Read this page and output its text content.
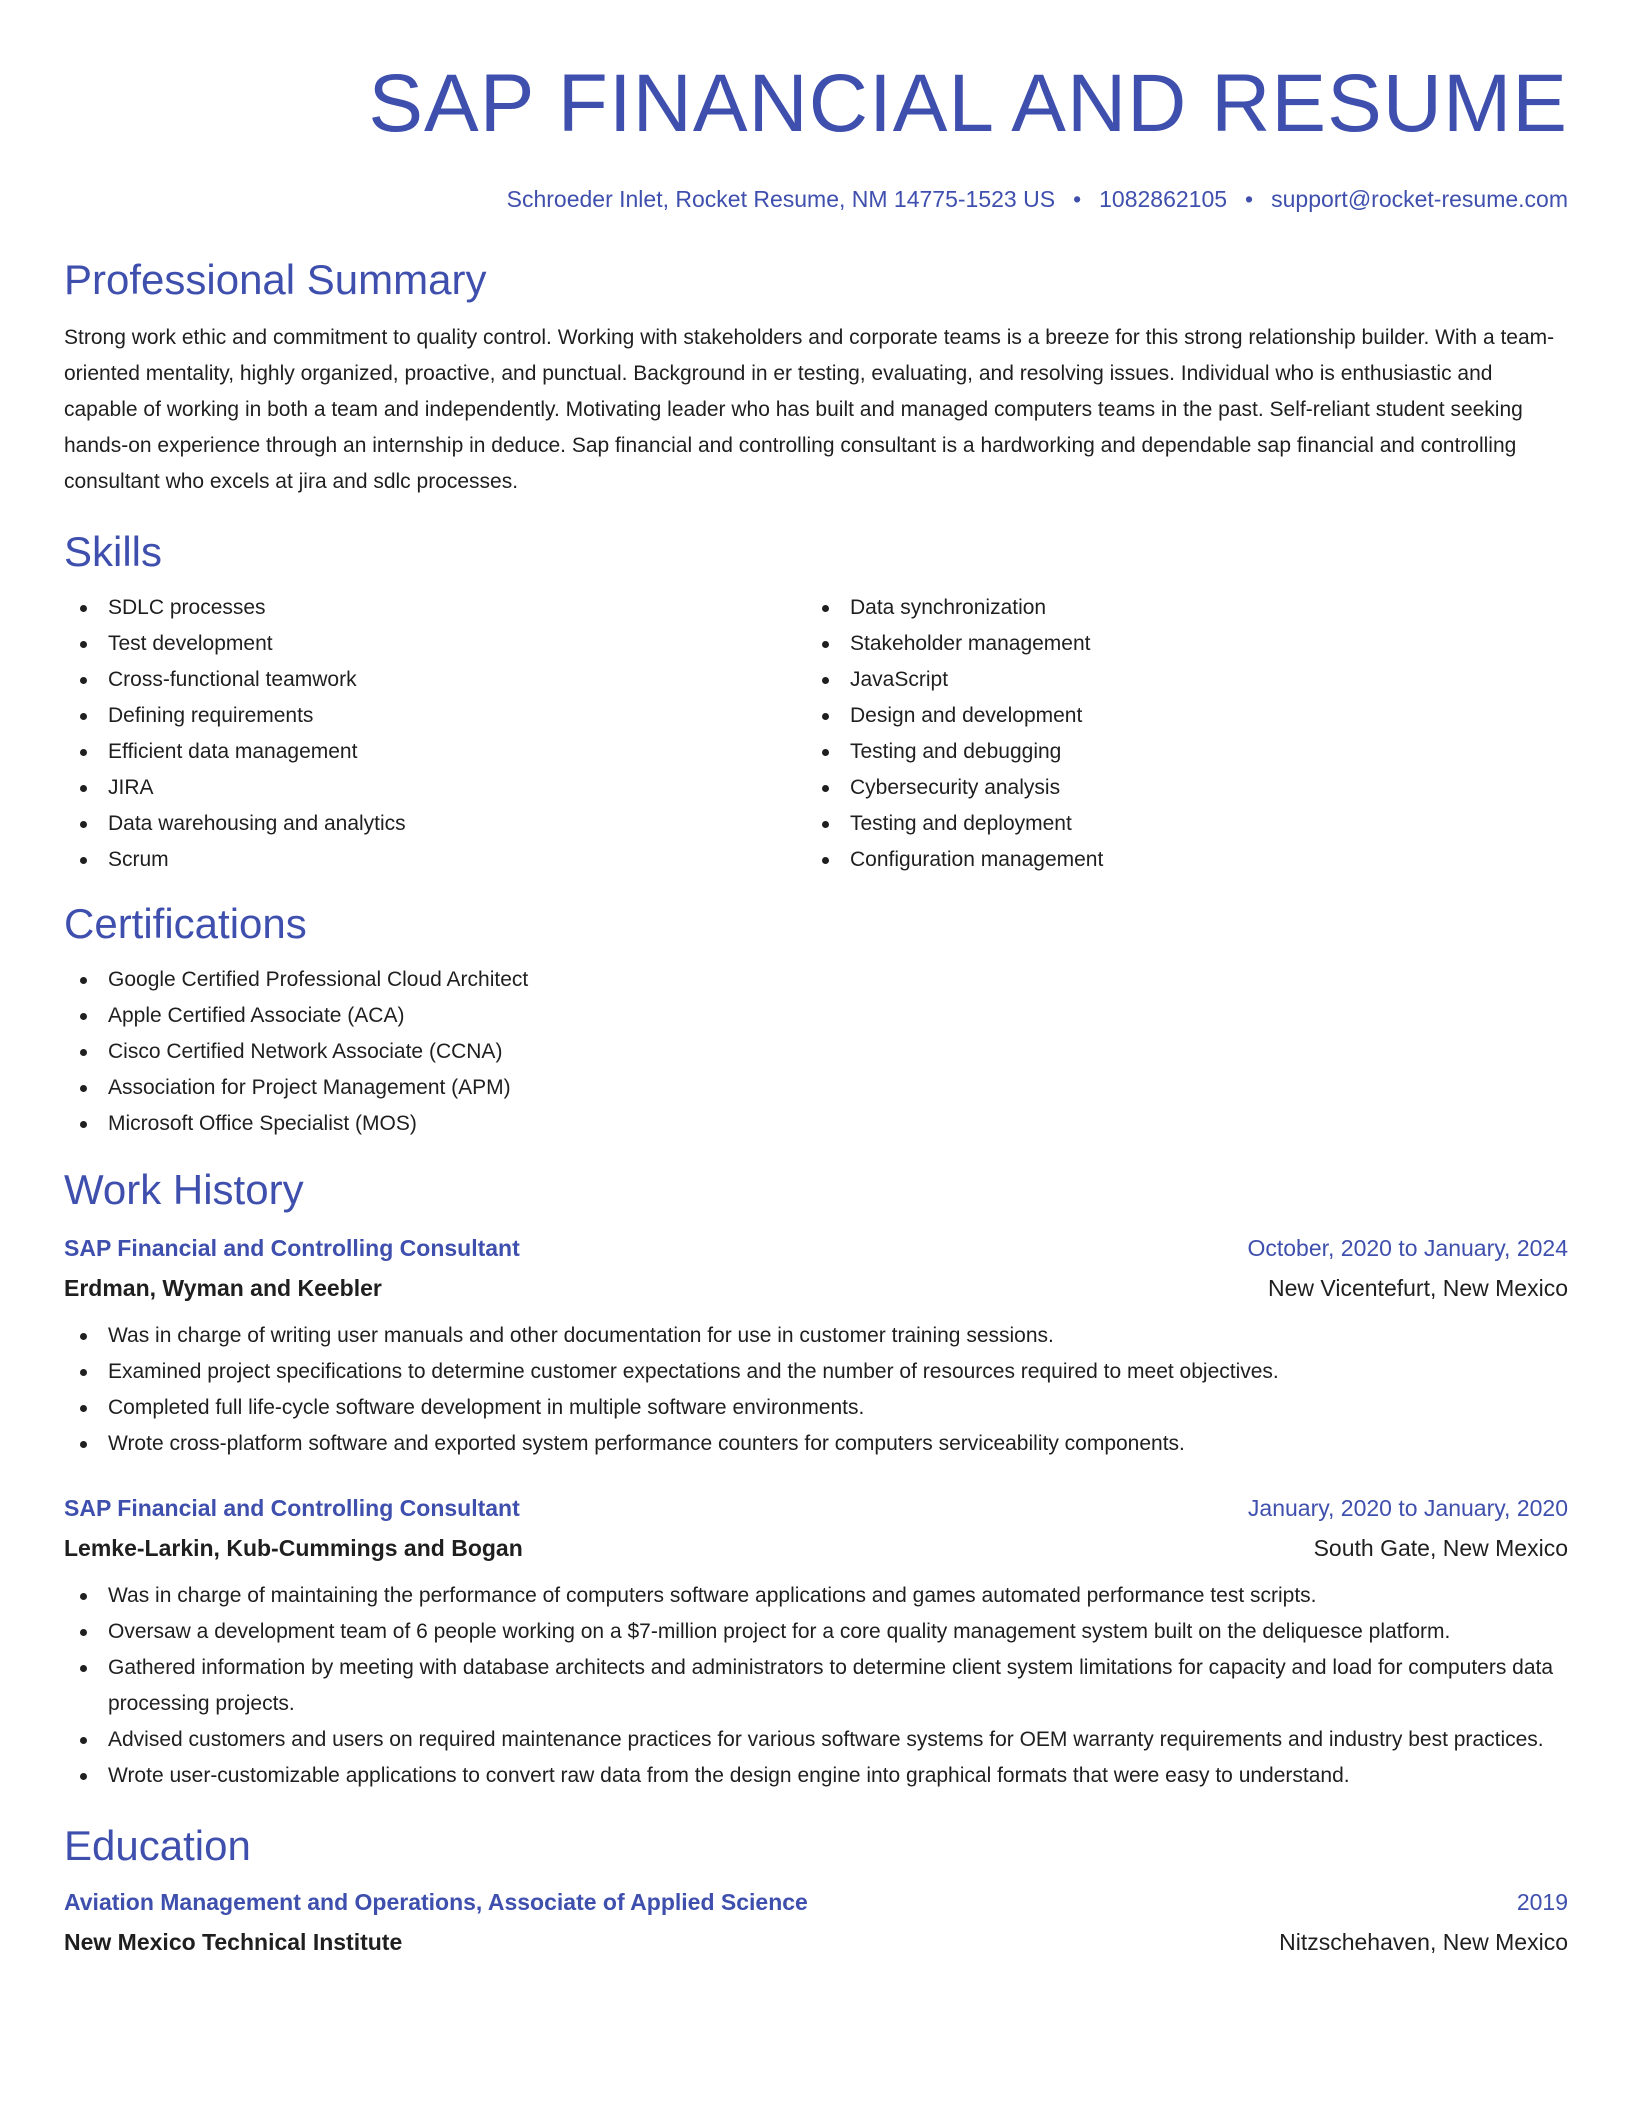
SAP FINANCIAL AND RESUME
Schroeder Inlet, Rocket Resume, NM 14775-1523 US • 1082862105 • support@rocket-resume.com
Professional Summary

Strong work ethic and commitment to quality control. Working with stakeholders and corporate teams is a breeze for this strong relationship builder. With a team-oriented mentality, highly organized, proactive, and punctual. Background in er testing, evaluating, and resolving issues. Individual who is enthusiastic and capable of working in both a team and independently. Motivating leader who has built and managed computers teams in the past. Self-reliant student seeking hands-on experience through an internship in deduce. Sap financial and controlling consultant is a hardworking and dependable sap financial and controlling consultant who excels at jira and sdlc processes.

Skills
SDLC processes
Test development
Cross-functional teamwork
Defining requirements
Efficient data management
JIRA
Data warehousing and analytics
Scrum
Data synchronization
Stakeholder management
JavaScript
Design and development
Testing and debugging
Cybersecurity analysis
Testing and deployment
Configuration management
Certifications
Google Certified Professional Cloud Architect
Apple Certified Associate (ACA)
Cisco Certified Network Associate (CCNA)
Association for Project Management (APM)
Microsoft Office Specialist (MOS)
Work History
SAP Financial and Controlling Consultant	October, 2020 to January, 2024
Erdman, Wyman and Keebler	New Vicentefurt, New Mexico
Was in charge of writing user manuals and other documentation for use in customer training sessions.
Examined project specifications to determine customer expectations and the number of resources required to meet objectives.
Completed full life-cycle software development in multiple software environments.
Wrote cross-platform software and exported system performance counters for computers serviceability components.
SAP Financial and Controlling Consultant	January, 2020 to January, 2020
Lemke-Larkin, Kub-Cummings and Bogan	South Gate, New Mexico
Was in charge of maintaining the performance of computers software applications and games automated performance test scripts.
Oversaw a development team of 6 people working on a $7-million project for a core quality management system built on the deliquesce platform.
Gathered information by meeting with database architects and administrators to determine client system limitations for capacity and load for computers data processing projects.
Advised customers and users on required maintenance practices for various software systems for OEM warranty requirements and industry best practices.
Wrote user-customizable applications to convert raw data from the design engine into graphical formats that were easy to understand.
Education
Aviation Management and Operations, Associate of Applied Science	2019
New Mexico Technical Institute	Nitzschehaven, New Mexico
